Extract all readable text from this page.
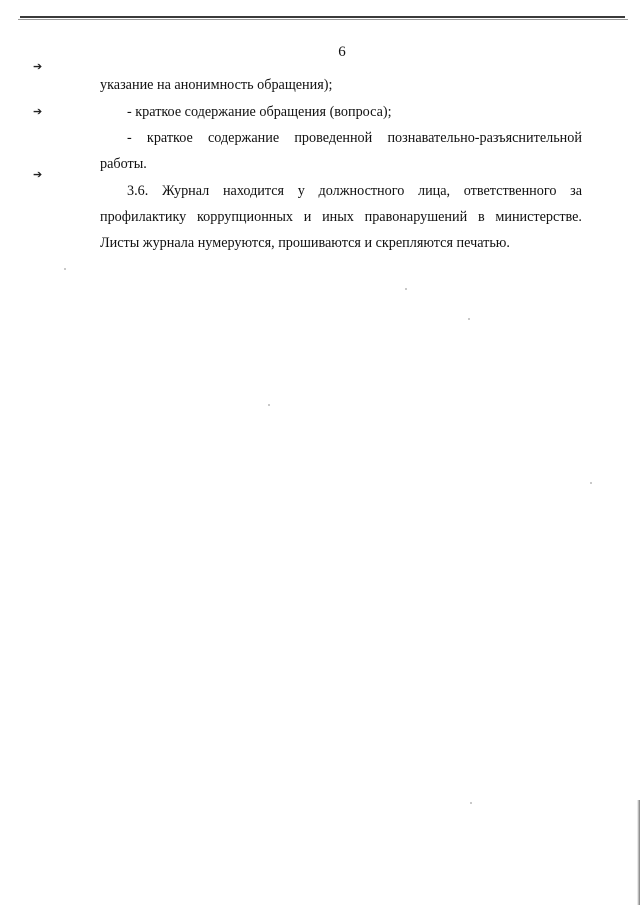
6
➔
➔
➔
указание на анонимность обращения);
- краткое содержание обращения (вопроса);
- краткое содержание проведенной познавательно-разъяснительной
работы.
3.6. Журнал находится у должностного лица, ответственного за
профилактику коррупционных и иных правонарушений в министерстве.
Листы журнала нумеруются, прошиваются и скрепляются печатью.
